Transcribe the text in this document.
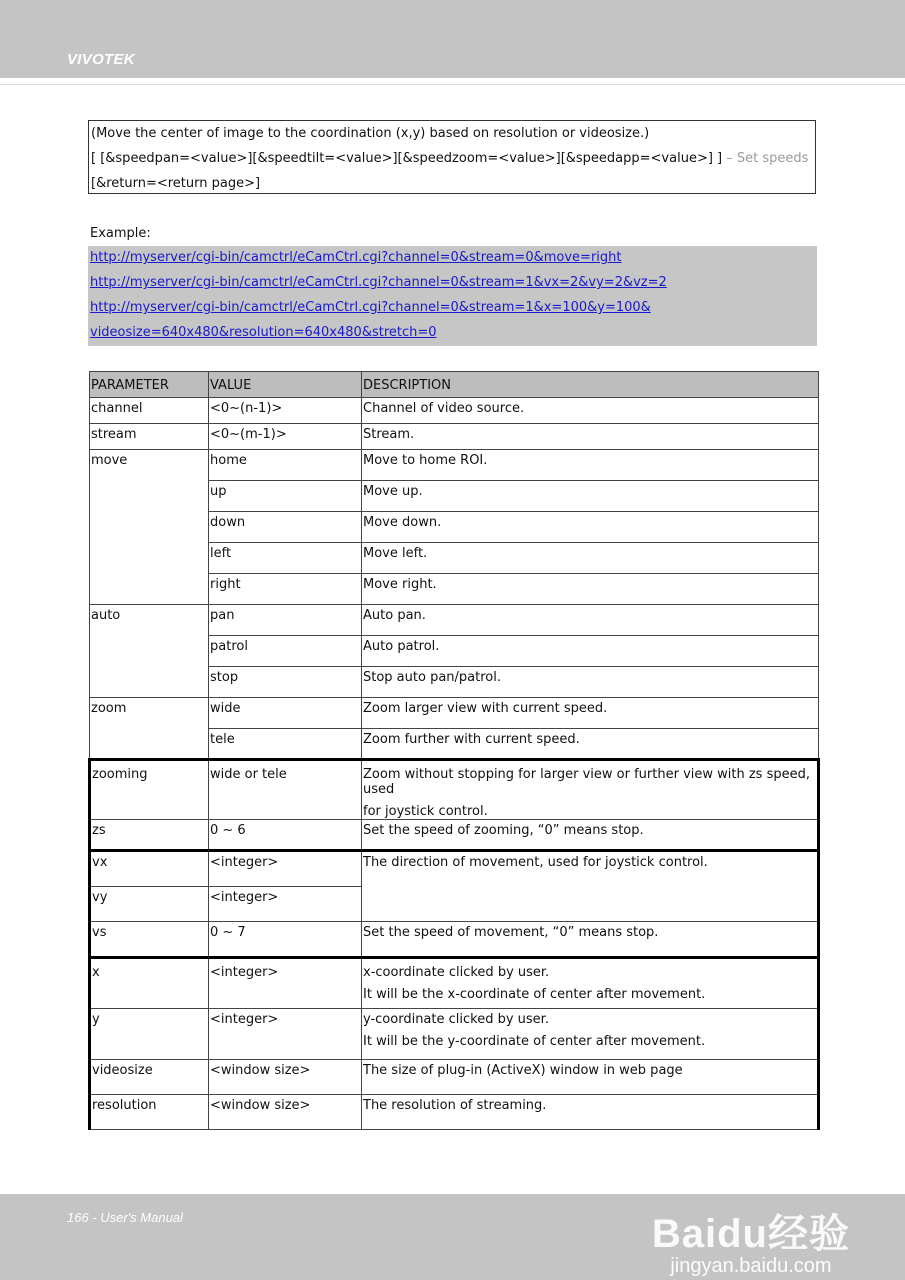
VIVOTEK
(Move the center of image to the coordination (x,y) based on resolution or videosize.)
[ [&speedpan=<value>][&speedtilt=<value>][&speedzoom=<value>][&speedapp=<value>] ] – Set speeds
[&return=<return page>]
Example:
http://myserver/cgi-bin/camctrl/eCamCtrl.cgi?channel=0&stream=0&move=right
http://myserver/cgi-bin/camctrl/eCamCtrl.cgi?channel=0&stream=1&vx=2&vy=2&vz=2
http://myserver/cgi-bin/camctrl/eCamCtrl.cgi?channel=0&stream=1&x=100&y=100&
videosize=640x480&resolution=640x480&stretch=0
PARAMETER	VALUE	DESCRIPTION
channel	<0~(n-1)>	Channel of video source.
stream	<0~(m-1)>	Stream.
move	home	Move to home ROI.
	up	Move up.
	down	Move down.
	left	Move left.
	right	Move right.
auto	pan	Auto pan.
	patrol	Auto patrol.
	stop	Stop auto pan/patrol.
zoom	wide	Zoom larger view with current speed.
	tele	Zoom further with current speed.
zooming	wide or tele	Zoom without stopping for larger view or further view with zs speed, used
for joystick control.

zs	0 ~ 6	Set the speed of zooming, “0” means stop.
vx	<integer>	The direction of movement, used for joystick control.
vy	<integer>	
vs	0 ~ 7	Set the speed of movement, “0” means stop.
x	<integer>	x-coordinate clicked by user.
It will be the x-coordinate of center after movement.

y	<integer>	y-coordinate clicked by user.
It will be the y-coordinate of center after movement.

videosize	<window size>	The size of plug-in (ActiveX) window in web page
resolution	<window size>	The resolution of streaming.
166 - User's Manual	Baidu经验
jingyan.baidu.com
